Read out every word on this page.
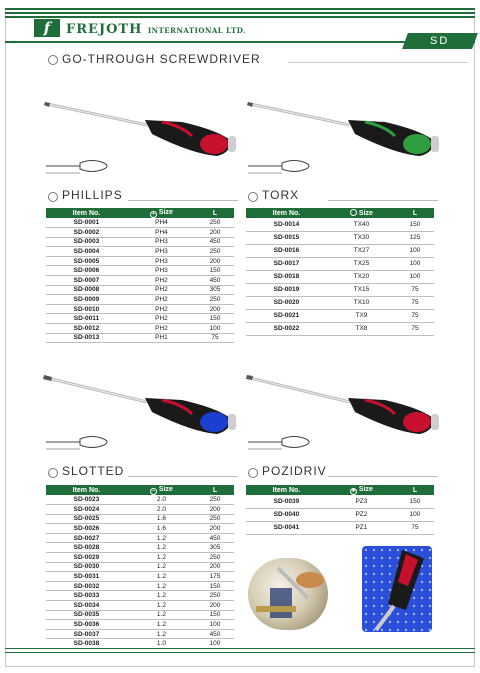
f	FREJOTH INTERNATIONAL LTD.
SD
GO-THROUGH SCREWDRIVER
PHILLIPS	TORX
SLOTTED	POZIDRIV
Item No.	+ Size	L
SD-0001	PH4	250
SD-0002	PH4	200
SD-0003	PH3	450
SD-0004	PH3	250
SD-0005	PH3	200
SD-0006	PH3	150
SD-0007	PH2	450
SD-0008	PH2	305
SD-0009	PH2	250
SD-0010	PH2	200
SD-0011	PH2	150
SD-0012	PH2	100
SD-0013	PH1	75
Item No.	Size	L
SD-0014	TX40	150
SD-0015	TX30	125
SD-0016	TX27	100
SD-0017	TX25	100
SD-0018	TX20	100
SD-0019	TX15	75
SD-0020	TX10	75
SD-0021	TX9	75
SD-0022	TX8	75
Item No.	− Size	L
SD-0023	2.0	250
SD-0024	2.0	200
SD-0025	1.6	250
SD-0026	1.6	200
SD-0027	1.2	450
SD-0028	1.2	305
SD-0029	1.2	250
SD-0030	1.2	200
SD-0031	1.2	175
SD-0032	1.2	150
SD-0033	1.2	250
SD-0034	1.2	200
SD-0035	1.2	150
SD-0036	1.2	100
SD-0037	1.2	450
SD-0038	1.0	100
Item No.	✱ Size	L
SD-0039	PZ3	150
SD-0040	PZ2	100
SD-0041	PZ1	75
